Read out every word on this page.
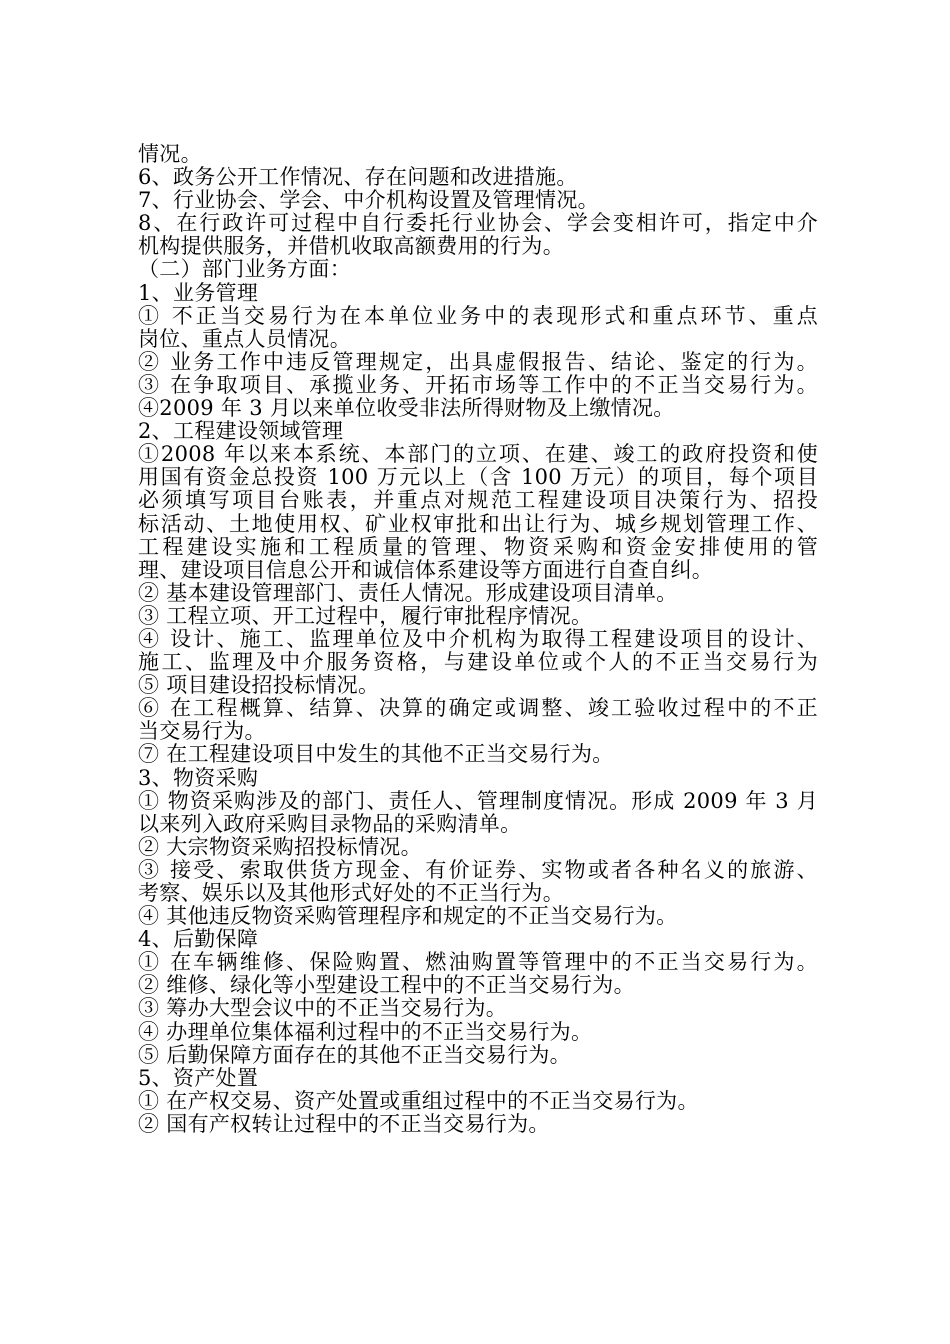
情况。
6、政务公开工作情况、存在问题和改进措施。
7、行业协会、学会、中介机构设置及管理情况。
8、在行政许可过程中自行委托行业协会、学会变相许可，指定中介
机构提供服务，并借机收取高额费用的行为。
（二）部门业务方面：
1、业务管理
① 不正当交易行为在本单位业务中的表现形式和重点环节、重点
岗位、重点人员情况。
② 业务工作中违反管理规定，出具虚假报告、结论、鉴定的行为。
③ 在争取项目、承揽业务、开拓市场等工作中的不正当交易行为。
④2009 年 3 月以来单位收受非法所得财物及上缴情况。
2、工程建设领域管理
①2008 年以来本系统、本部门的立项、在建、竣工的政府投资和使
用国有资金总投资 100 万元以上（含 100 万元）的项目，每个项目
必须填写项目台账表，并重点对规范工程建设项目决策行为、招投
标活动、土地使用权、矿业权审批和出让行为、城乡规划管理工作、
工程建设实施和工程质量的管理、物资采购和资金安排使用的管
理、建设项目信息公开和诚信体系建设等方面进行自查自纠。
② 基本建设管理部门、责任人情况。形成建设项目清单。
③ 工程立项、开工过程中，履行审批程序情况。
④ 设计、施工、监理单位及中介机构为取得工程建设项目的设计、
施工、监理及中介服务资格，与建设单位或个人的不正当交易行为
⑤ 项目建设招投标情况。
⑥ 在工程概算、结算、决算的确定或调整、竣工验收过程中的不正
当交易行为。
⑦ 在工程建设项目中发生的其他不正当交易行为。
3、物资采购
① 物资采购涉及的部门、责任人、管理制度情况。形成 2009 年 3 月
以来列入政府采购目录物品的采购清单。
② 大宗物资采购招投标情况。
③ 接受、索取供货方现金、有价证券、实物或者各种名义的旅游、
考察、娱乐以及其他形式好处的不正当行为。
④ 其他违反物资采购管理程序和规定的不正当交易行为。
4、后勤保障
① 在车辆维修、保险购置、燃油购置等管理中的不正当交易行为。
② 维修、绿化等小型建设工程中的不正当交易行为。
③ 筹办大型会议中的不正当交易行为。
④ 办理单位集体福利过程中的不正当交易行为。
⑤ 后勤保障方面存在的其他不正当交易行为。
5、资产处置
① 在产权交易、资产处置或重组过程中的不正当交易行为。
② 国有产权转让过程中的不正当交易行为。
